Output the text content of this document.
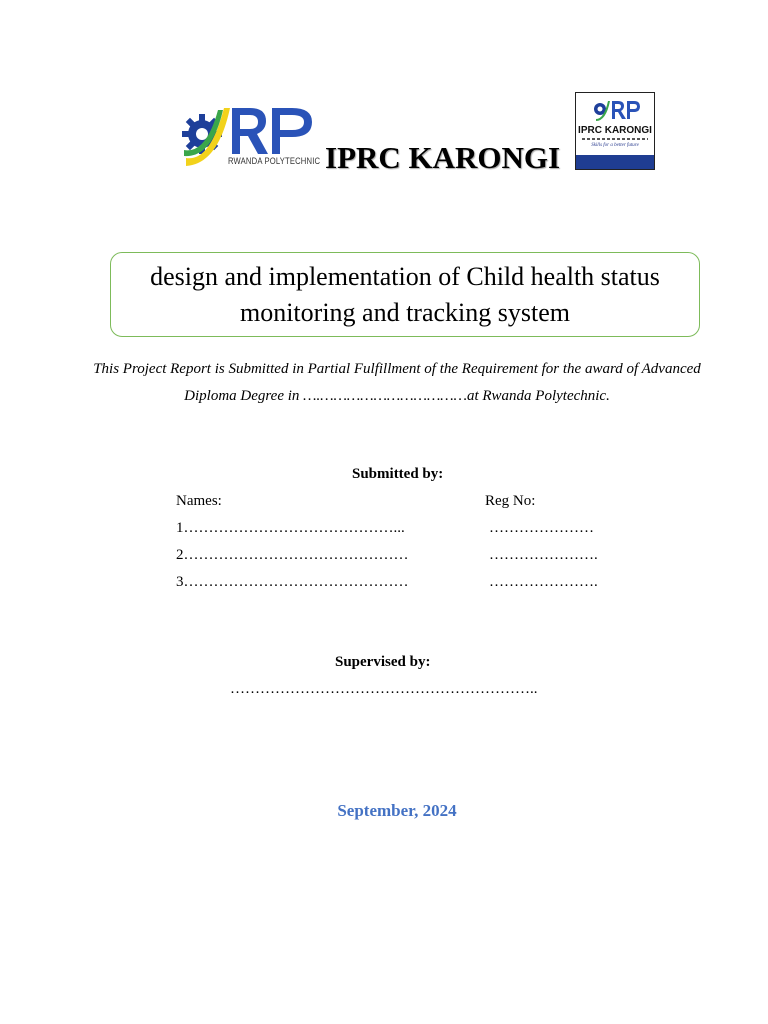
RWANDA POLYTECHNIC IPRC KARONGI
IPRC KARONGI
Skills for a better future
design and implementation of Child health status
monitoring and tracking system
This Project Report is Submitted in Partial Fulfillment of the Requirement for the award of Advanced
Diploma Degree in ….……………………………at Rwanda Polytechnic.
Submitted by:
Names:	Reg No:
1……………………………………...
2………………………………………
3………………………………………
…………………
………………….
………………….
Supervised by:
……………………………………………………..
September, 2024
